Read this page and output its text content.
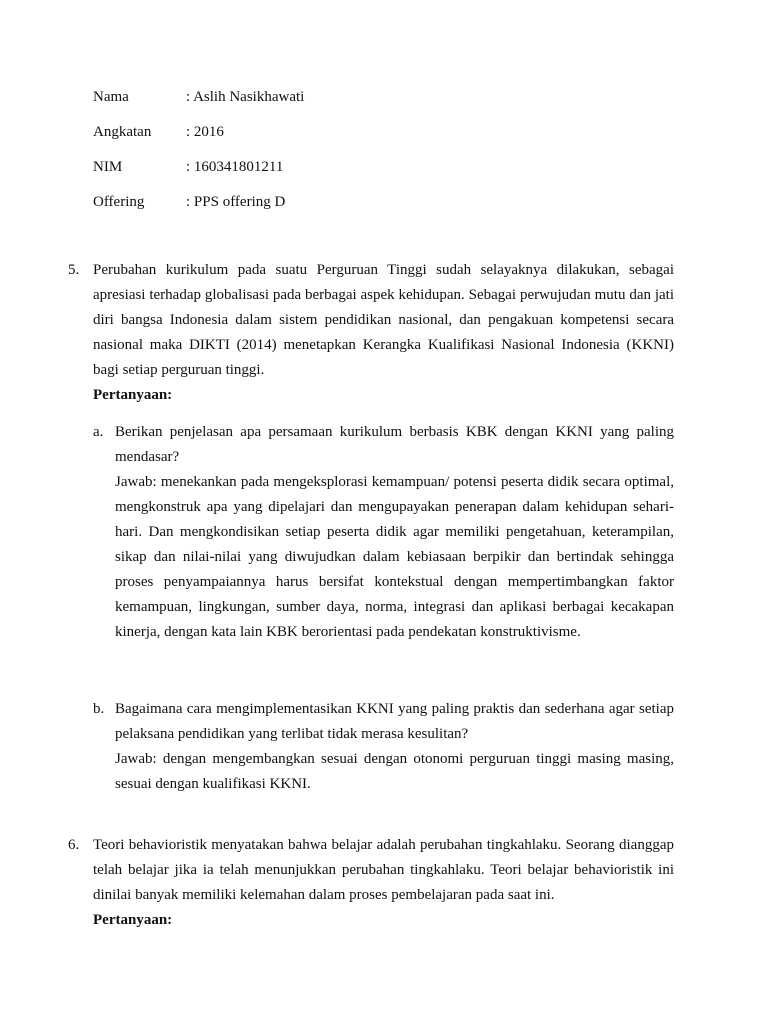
Nama	: Aslih Nasikhawati
Angkatan	: 2016
NIM	: 160341801211
Offering	: PPS offering D
5. Perubahan kurikulum pada suatu Perguruan Tinggi sudah selayaknya dilakukan, sebagai apresiasi terhadap globalisasi pada berbagai aspek kehidupan. Sebagai perwujudan mutu dan jati diri bangsa Indonesia dalam sistem pendidikan nasional, dan pengakuan kompetensi secara nasional maka DIKTI (2014) menetapkan Kerangka Kualifikasi Nasional Indonesia (KKNI) bagi setiap perguruan tinggi.
Pertanyaan:
a. Berikan penjelasan apa persamaan kurikulum berbasis KBK dengan KKNI yang paling mendasar?
Jawab: menekankan pada mengeksplorasi kemampuan/ potensi peserta didik secara optimal, mengkonstruk apa yang dipelajari dan mengupayakan penerapan dalam kehidupan sehari-hari. Dan mengkondisikan setiap peserta didik agar memiliki pengetahuan, keterampilan, sikap dan nilai-nilai yang diwujudkan dalam kebiasaan berpikir dan bertindak sehingga proses penyampaiannya harus bersifat kontekstual dengan mempertimbangkan faktor kemampuan, lingkungan, sumber daya, norma, integrasi dan aplikasi berbagai kecakapan kinerja, dengan kata lain KBK berorientasi pada pendekatan konstruktivisme.
b. Bagaimana cara mengimplementasikan KKNI yang paling praktis dan sederhana agar setiap pelaksana pendidikan yang terlibat tidak merasa kesulitan?
Jawab: dengan mengembangkan sesuai dengan otonomi perguruan tinggi masing masing, sesuai dengan kualifikasi KKNI.
6. Teori behavioristik menyatakan bahwa belajar adalah perubahan tingkahlaku. Seorang dianggap telah belajar jika ia telah menunjukkan perubahan tingkahlaku. Teori belajar behavioristik ini dinilai banyak memiliki kelemahan dalam proses pembelajaran pada saat ini.
Pertanyaan:
